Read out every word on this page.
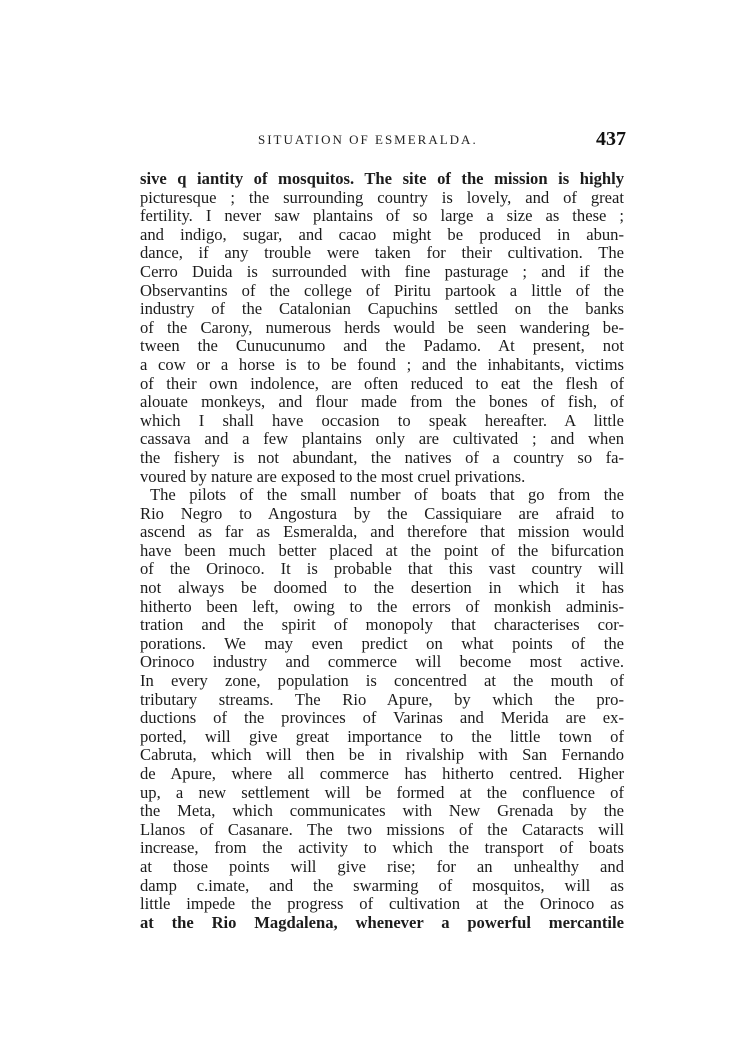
SITUATION OF ESMERALDA.	437
sive q iantity of mosquitos. The site of the mission is highly
picturesque ; the surrounding country is lovely, and of great
fertility. I never saw plantains of so large a size as these ;
and indigo, sugar, and cacao might be produced in abun-
dance, if any trouble were taken for their cultivation. The
Cerro Duida is surrounded with fine pasturage ; and if the
Observantins of the college of Piritu partook a little of the
industry of the Catalonian Capuchins settled on the banks
of the Carony, numerous herds would be seen wandering be-
tween the Cunucunumo and the Padamo. At present, not
a cow or a horse is to be found ; and the inhabitants, victims
of their own indolence, are often reduced to eat the flesh of
alouate monkeys, and flour made from the bones of fish, of
which I shall have occasion to speak hereafter. A little
cassava and a few plantains only are cultivated ; and when
the fishery is not abundant, the natives of a country so fa-
voured by nature are exposed to the most cruel privations.
The pilots of the small number of boats that go from the
Rio Negro to Angostura by the Cassiquiare are afraid to
ascend as far as Esmeralda, and therefore that mission would
have been much better placed at the point of the bifurcation
of the Orinoco. It is probable that this vast country will
not always be doomed to the desertion in which it has
hitherto been left, owing to the errors of monkish adminis-
tration and the spirit of monopoly that characterises cor-
porations. We may even predict on what points of the
Orinoco industry and commerce will become most active.
In every zone, population is concentred at the mouth of
tributary streams. The Rio Apure, by which the pro-
ductions of the provinces of Varinas and Merida are ex-
ported, will give great importance to the little town of
Cabruta, which will then be in rivalship with San Fernando
de Apure, where all commerce has hitherto centred. Higher
up, a new settlement will be formed at the confluence of
the Meta, which communicates with New Grenada by the
Llanos of Casanare. The two missions of the Cataracts will
increase, from the activity to which the transport of boats
at those points will give rise; for an unhealthy and
damp c.imate, and the swarming of mosquitos, will as
little impede the progress of cultivation at the Orinoco as
at the Rio Magdalena, whenever a powerful mercantile
